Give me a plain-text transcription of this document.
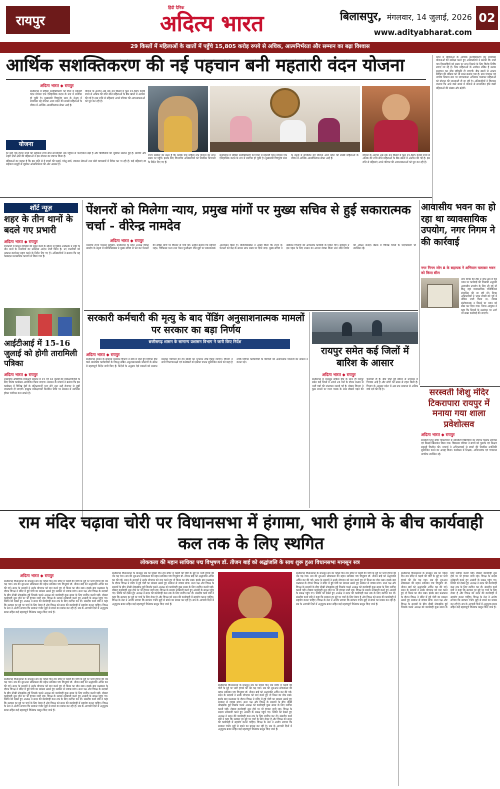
रायपुर
हिंदी दैनिक
अदित्य भारत	बिलासपुर, मंगलवार, 14 जुलाई, 2026
www.adityabharat.com
02
29 किस्तों में महिलाओं के खातों में पहुँचे 15,805 करोड़ रुपये से अधिक, आत्मनिर्भरता और सम्मान का बढ़ा विश्वास
आर्थिक सशक्तिकरण की नई पहचान बनी महतारी वंदन योजना
अदित्य भारत ◆ रायपुर

छत्तीसगढ़ में महिला सशक्तिकरण को दिशा में महतारी वंदन योजना एक ऐतिहासिक कदम के रूप में स्थापित हो चुकी है। मुख्यमंत्री विष्णुदेव साय के नेतृत्व में संचालित यह योजना आज प्रदेश की लाखों महिलाओं के जीवन में आर्थिक आत्मविश्वास लेकर आई है।

योजना के अंतर्गत अब तक 29 किस्तों में कुल 15,805 करोड़ रुपये से अधिक की राशि सीधे महिलाओं के बैंक खातों में अंतरित की गई है। इस राशि से महिलाएं अपने परिवार की आवश्यकताओं को पूरा कर रही हैं।

योजना

हर माह एक हजार रुपये की सहायता राशि सीधे लाभार्थियों तक पहुँचने से पारदर्शिता बढ़ी है और बिचौलियों की भूमिका समाप्त हुई है। ग्रामीण और शहरी दोनों क्षेत्रों की महिलाओं ने इस योजना का स्वागत किया है।

महिलाओं का कहना है कि इस राशि से वे बच्चों की पढ़ाई, घरेलू खर्च, स्वास्थ्य सेवाओं तथा छोटे व्यवसायों में निवेश कर पा रही हैं। कई महिलाएं स्व सहायता समूहों से जुड़कर आत्मनिर्भरता की ओर अग्रसर हैं।

राज्य सरकार का लक्ष्य है कि प्रत्येक पात्र महिला तक योजना का लाभ समय पर पहुँचे। इसके लिए विभागीय अधिकारियों को नियमित निगरानी के निर्देश दिए गए हैं।

छत्तीसगढ़ में महिला सशक्तिकरण को दिशा में महतारी वंदन योजना एक ऐतिहासिक कदम के रूप में स्थापित हो चुकी है। मुख्यमंत्री विष्णुदेव साय के नेतृत्व में संचालित यह योजना आज प्रदेश की लाखों महिलाओं के जीवन में आर्थिक आत्मविश्वास लेकर आई है।

योजना के अंतर्गत अब तक 29 किस्तों में कुल 15,805 करोड़ रुपये से अधिक की राशि सीधे महिलाओं के बैंक खातों में अंतरित की गई है। इस राशि से महिलाएं अपने परिवार की आवश्यकताओं को पूरा कर रही हैं।

प्रदेश में महिलाओं के आर्थिक सशक्तिकरण हेतु संचालित योजनाओं की समीक्षा करते हुए अधिकारियों ने बताया कि सभी पात्र हितग्राहियों को समय पर लाभ दिलाने के लिए विशेष शिविर लगाए जा रहे हैं। जिन महिलाओं के आवेदन लंबित हैं उनका सत्यापन कर शीघ्र स्वीकृति दी जाएगी। बैंक खातों से आधार लिंकिंग की प्रक्रिया को भी सरल बनाया गया है। ग्राम पंचायत एवं नगरीय निकाय स्तर पर जागरूकता अभियान चलाकर महिलाओं को योजना की जानकारी दी जा रही है। अधिकारियों ने विश्वास जताया कि आने वाले समय में योजना से लाभान्वित होने वाली महिलाओं की संख्या और बढ़ेगी।

शॉर्ट न्यूज़
शहर के तीन थानों के बदले गए प्रभारी
अदित्य भारत ◆ रायपुर
राजधानी में कानून व्यवस्था को सुदृढ़ करने के उद्देश्य से पुलिस अधीक्षक ने शहर के तीन थानों के प्रभारियों का तबादला आदेश जारी किया है। नए प्रभारियों को तत्काल कार्यभार ग्रहण करने के निर्देश दिए गए हैं। अधिकारियों ने बताया कि यह फेरबदल प्रशासनिक कारणों से किया गया है।
आईटीआई में 15-16 जुलाई को होगी तारामिली पत्रिका
अदित्य भारत ◆ रायपुर
शासकीय औद्योगिक प्रशिक्षण संस्थान में 15 एवं 16 जुलाई को प्रशिक्षणार्थियों के लिए विशेष कार्यक्रम आयोजित किया जाएगा। संस्थान के प्राचार्य ने बताया कि इस कार्यक्रम में विभिन्न ट्रेडों के प्रशिक्षणार्थी भाग लेंगे तथा उन्हें रोजगार से जुड़ी जानकारी दी जाएगी। इच्छुक प्रशिक्षणार्थी निर्धारित तिथि पर संस्थान में उपस्थित होकर पंजीयन करा सकते हैं।
पेंशनरों को मिलेगा न्याय, प्रमुख मांगों पर मुख्य सचिव से हुई सकारात्मक चर्चा - वीरेन्द्र नामदेव
अदित्य भारत ◆ रायपुर
भारतीय राज्य पेंशनर्स महासंघ, छत्तीसगढ़ के प्रदेश अध्यक्ष वीरेन्द्र नामदेव के नेतृत्व में प्रतिनिधिमंडल ने मुख्य सचिव से भेंट कर पेंशनरों की लंबित मांगों पर विस्तार से चर्चा की। उन्होंने बताया कि महंगाई राहत, चिकित्सा भत्ता तथा पेंशन पुनरीक्षण जैसे मुद्दों पर सकारात्मक आश्वासन मिला है। प्रतिनिधिमंडल ने आग्रह किया कि राज्य के पेंशनरों को केंद्र के समान लाभ समय पर दिया जाए। मुख्य सचिव ने संबंधित विभागों को आवश्यक कार्रवाई के निर्देश दिए। महासंघ ने इस पहल के लिए शासन का आभार व्यक्त किया तथा शीघ्र निर्णय की अपेक्षा जताई। बैठक में विभिन्न जिलों के पदाधिकारी भी उपस्थित रहे।
आवासीय भवन का हो रहा था व्यावसायिक उपयोग, नगर निगम ने की कार्रवाई
नगर निगम जोन 8 के सहायक ने अभियान चलाकर भवन को किया सील
नगर निगम की टीम ने जोन क्षेत्र में ऐसे भवन पर कार्रवाई की जिसकी अनुमति आवासीय उपयोग के लिए ली गई थी किंतु वहां व्यावसायिक गतिविधियां संचालित की जा रही थीं। निगम अधिकारियों ने भवन स्वामी को पूर्व में नोटिस जारी किया था, जवाब संतोषजनक न मिलने पर भवन को सील कर दिया गया। निगम आयुक्त ने कहा कि नियमों के उल्लंघन पर आगे भी सख्त कार्रवाई की जाएगी।
सरकारी कर्मचारी की मृत्यु के बाद पेंडिंग अनुसाशनात्मक मामलों पर सरकार का बड़ा निर्णय
छत्तीसगढ़ शासन के सामान्य प्रशासन विभाग ने जारी किए निर्देश
अदित्य भारत ◆ रायपुर
छत्तीसगढ़ शासन के सामान्य प्रशासन विभाग ने सेवा में रहते हुए दिवंगत होने वाले शासकीय कर्मचारियों के विरुद्ध लंबित अनुशासनात्मक प्रकरणों के संबंध में महत्वपूर्ण निर्देश जारी किए हैं। निर्देशों के अनुसार ऐसे मामलों को समाप्त मानकर परिजनों को देय स्वत्वों का भुगतान शीघ्र किया जाएगा। विभाग ने सभी विभागाध्यक्षों एवं कलेक्टरों को इसका पालन सुनिश्चित करने को कहा है ताकि दिवंगत कर्मचारियों के परिवारों को अनावश्यक परेशानी का सामना न करना पड़े।
रायपुर समेत कई जिलों में बारिश के आसार
अदित्य भारत ◆ रायपुर
छत्तीसगढ़ में मानसून सक्रिय होने के साथ ही रायपुर समेत कई जिलों में अगले 24 घंटों के दौरान मध्यम से भारी वर्षा की संभावना जताई गई है। मौसम विभाग ने कुछ स्थानों पर गरज चमक के साथ बौछारें पड़ने की चेतावनी दी है। बीते दिनों हुई बारिश से तापमान में गिरावट आई है और लोगों को उमस से राहत मिली है। विभाग के अनुसार प्रदेश में अब तक सामान्य से अधिक वर्षा दर्ज की गई है।
राम मंदिर चढ़ावा चोरी पर विधानसभा में हंगामा, भारी हंगामे के बीच कार्यवाही कल तक के लिए स्थगित
लोककला की महान साधिका पद्म विभूषण डॉ. तीजन बाई को श्रद्धांजलि के साथ शुरू हुआ विधानसभा मानसून सत्र
अदित्य भारत ◆ रायपुर
छत्तीसगढ़ विधानसभा के मानसून सत्र का पहला दिन राम मंदिर में चढ़ावे की चोरी के मुद्दे पर भारी हंगामे की भेंट चढ़ गया। सत्र की शुरुआत लोककला की महान साधिका पद्म विभूषण डॉ. तीजन बाई को श्रद्धांजलि अर्पित कर की गई। सदन के सदस्यों ने उनके योगदान को याद करते हुए दो मिनट का मौन रखा। इसके बाद प्रश्नकाल के दौरान विपक्ष ने मंदिर में हुई चोरी का मामला उठाते हुए सरकार से जवाब मांगा। सत्ता पक्ष और विपक्ष के सदस्यों के बीच तीखी नोकझोंक हुई जिसके चलते अध्यक्ष को कार्यवाही कुछ समय के लिए स्थगित करनी पड़ी। दोबारा कार्यवाही शुरू होने पर भी हंगामा जारी रहा। विपक्ष के सदस्य नारेबाजी करते हुए आसंदी के समक्ष पहुंच गए। स्थिति को देखते हुए अध्यक्ष ने सदन की कार्यवाही कल तक के लिए स्थगित कर दी। संसदीय कार्य मंत्री ने कहा कि सरकार हर मुद्दे पर चर्चा के लिए तैयार है और विपक्ष को सदन की कार्यवाही में सहयोग करना चाहिए। विपक्ष के नेता ने आरोप लगाया कि सरकार गंभीर मुद्दों से बचने का प्रयास कर रही है। सत्र के आगामी दिनों में अनुपूरक बजट सहित कई महत्वपूर्ण विधेयक प्रस्तुत किए जाने हैं।
छत्तीसगढ़ विधानसभा के मानसून सत्र का पहला दिन राम मंदिर में चढ़ावे की चोरी के मुद्दे पर भारी हंगामे की भेंट चढ़ गया। सत्र की शुरुआत लोककला की महान साधिका पद्म विभूषण डॉ. तीजन बाई को श्रद्धांजलि अर्पित कर की गई। सदन के सदस्यों ने उनके योगदान को याद करते हुए दो मिनट का मौन रखा। इसके बाद प्रश्नकाल के दौरान विपक्ष ने मंदिर में हुई चोरी का मामला उठाते हुए सरकार से जवाब मांगा। सत्ता पक्ष और विपक्ष के सदस्यों के बीच तीखी नोकझोंक हुई जिसके चलते अध्यक्ष को कार्यवाही कुछ समय के लिए स्थगित करनी पड़ी। दोबारा कार्यवाही शुरू होने पर भी हंगामा जारी रहा। विपक्ष के सदस्य नारेबाजी करते हुए आसंदी के समक्ष पहुंच गए। स्थिति को देखते हुए अध्यक्ष ने सदन की कार्यवाही कल तक के लिए स्थगित कर दी। संसदीय कार्य मंत्री ने कहा कि सरकार हर मुद्दे पर चर्चा के लिए तैयार है और विपक्ष को सदन की कार्यवाही में सहयोग करना चाहिए। विपक्ष के नेता ने आरोप लगाया कि सरकार गंभीर मुद्दों से बचने का प्रयास कर रही है। सत्र के आगामी दिनों में अनुपूरक बजट सहित कई महत्वपूर्ण विधेयक प्रस्तुत किए जाने हैं।
छत्तीसगढ़ विधानसभा के मानसून सत्र का पहला दिन राम मंदिर में चढ़ावे की चोरी के मुद्दे पर भारी हंगामे की भेंट चढ़ गया। सत्र की शुरुआत लोककला की महान साधिका पद्म विभूषण डॉ. तीजन बाई को श्रद्धांजलि अर्पित कर की गई। सदन के सदस्यों ने उनके योगदान को याद करते हुए दो मिनट का मौन रखा। इसके बाद प्रश्नकाल के दौरान विपक्ष ने मंदिर में हुई चोरी का मामला उठाते हुए सरकार से जवाब मांगा। सत्ता पक्ष और विपक्ष के सदस्यों के बीच तीखी नोकझोंक हुई जिसके चलते अध्यक्ष को कार्यवाही कुछ समय के लिए स्थगित करनी पड़ी। दोबारा कार्यवाही शुरू होने पर भी हंगामा जारी रहा। विपक्ष के सदस्य नारेबाजी करते हुए आसंदी के समक्ष पहुंच गए। स्थिति को देखते हुए अध्यक्ष ने सदन की कार्यवाही कल तक के लिए स्थगित कर दी। संसदीय कार्य मंत्री ने कहा कि सरकार हर मुद्दे पर चर्चा के लिए तैयार है और विपक्ष को सदन की कार्यवाही में सहयोग करना चाहिए। विपक्ष के नेता ने आरोप लगाया कि सरकार गंभीर मुद्दों से बचने का प्रयास कर रही है। सत्र के आगामी दिनों में अनुपूरक बजट सहित कई महत्वपूर्ण विधेयक प्रस्तुत किए जाने हैं।
छत्तीसगढ़ विधानसभा के मानसून सत्र का पहला दिन राम मंदिर में चढ़ावे की चोरी के मुद्दे पर भारी हंगामे की भेंट चढ़ गया। सत्र की शुरुआत लोककला की महान साधिका पद्म विभूषण डॉ. तीजन बाई को श्रद्धांजलि अर्पित कर की गई। सदन के सदस्यों ने उनके योगदान को याद करते हुए दो मिनट का मौन रखा। इसके बाद प्रश्नकाल के दौरान विपक्ष ने मंदिर में हुई चोरी का मामला उठाते हुए सरकार से जवाब मांगा। सत्ता पक्ष और विपक्ष के सदस्यों के बीच तीखी नोकझोंक हुई जिसके चलते अध्यक्ष को कार्यवाही कुछ समय के लिए स्थगित करनी पड़ी। दोबारा कार्यवाही शुरू होने पर भी हंगामा जारी रहा। विपक्ष के सदस्य नारेबाजी करते हुए आसंदी के समक्ष पहुंच गए। स्थिति को देखते हुए अध्यक्ष ने सदन की कार्यवाही कल तक के लिए स्थगित कर दी। संसदीय कार्य मंत्री ने कहा कि सरकार हर मुद्दे पर चर्चा के लिए तैयार है और विपक्ष को सदन की कार्यवाही में सहयोग करना चाहिए। विपक्ष के नेता ने आरोप लगाया कि सरकार गंभीर मुद्दों से बचने का प्रयास कर रही है। सत्र के आगामी दिनों में अनुपूरक बजट सहित कई महत्वपूर्ण विधेयक प्रस्तुत किए जाने हैं।
छत्तीसगढ़ विधानसभा के मानसून सत्र का पहला दिन राम मंदिर में चढ़ावे की चोरी के मुद्दे पर भारी हंगामे की भेंट चढ़ गया। सत्र की शुरुआत लोककला की महान साधिका पद्म विभूषण डॉ. तीजन बाई को श्रद्धांजलि अर्पित कर की गई। सदन के सदस्यों ने उनके योगदान को याद करते हुए दो मिनट का मौन रखा। इसके बाद प्रश्नकाल के दौरान विपक्ष ने मंदिर में हुई चोरी का मामला उठाते हुए सरकार से जवाब मांगा। सत्ता पक्ष और विपक्ष के सदस्यों के बीच तीखी नोकझोंक हुई जिसके चलते अध्यक्ष को कार्यवाही कुछ समय के लिए स्थगित करनी पड़ी। दोबारा कार्यवाही शुरू होने पर भी हंगामा जारी रहा। विपक्ष के सदस्य नारेबाजी करते हुए आसंदी के समक्ष पहुंच गए। स्थिति को देखते हुए अध्यक्ष ने सदन की कार्यवाही कल तक के लिए स्थगित कर दी। संसदीय कार्य मंत्री ने कहा कि सरकार हर मुद्दे पर चर्चा के लिए तैयार है और विपक्ष को सदन की कार्यवाही में सहयोग करना चाहिए। विपक्ष के नेता ने आरोप लगाया कि सरकार गंभीर मुद्दों से बचने का प्रयास कर रही है। सत्र के आगामी दिनों में अनुपूरक बजट सहित कई महत्वपूर्ण विधेयक प्रस्तुत किए जाने हैं।
छत्तीसगढ़ विधानसभा के मानसून सत्र का पहला दिन राम मंदिर में चढ़ावे की चोरी के मुद्दे पर भारी हंगामे की भेंट चढ़ गया। सत्र की शुरुआत लोककला की महान साधिका पद्म विभूषण डॉ. तीजन बाई को श्रद्धांजलि अर्पित कर की गई। सदन के सदस्यों ने उनके योगदान को याद करते हुए दो मिनट का मौन रखा। इसके बाद प्रश्नकाल के दौरान विपक्ष ने मंदिर में हुई चोरी का मामला उठाते हुए सरकार से जवाब मांगा। सत्ता पक्ष और विपक्ष के सदस्यों के बीच तीखी नोकझोंक हुई जिसके चलते अध्यक्ष को कार्यवाही कुछ समय के लिए स्थगित करनी पड़ी। दोबारा कार्यवाही शुरू होने पर भी हंगामा जारी रहा। विपक्ष के सदस्य नारेबाजी करते हुए आसंदी के समक्ष पहुंच गए। स्थिति को देखते हुए अध्यक्ष ने सदन की कार्यवाही कल तक के लिए स्थगित कर दी। संसदीय कार्य मंत्री ने कहा कि सरकार हर मुद्दे पर चर्चा के लिए तैयार है और विपक्ष को सदन की कार्यवाही में सहयोग करना चाहिए। विपक्ष के नेता ने आरोप लगाया कि सरकार गंभीर मुद्दों से बचने का प्रयास कर रही है। सत्र के आगामी दिनों में अनुपूरक बजट सहित कई महत्वपूर्ण विधेयक प्रस्तुत किए जाने हैं।
सरस्वती शिशु मंदिर टिकरापारा रायपुर में मनाया गया शाला प्रवेशोत्सव
अदित्य भारत ◆ रायपुर
सरस्वती शिशु मंदिर टिकरापारा में नवप्रवेशी विद्यार्थियों का स्वागत तिलक लगाकर एवं मिठाई खिलाकर किया गया। विद्यालय परिवार ने बच्चों को पुस्तकें एवं शिक्षण सामग्री वितरित की। प्राचार्य ने अभिभावकों से बच्चों की नियमित उपस्थिति सुनिश्चित करने का आग्रह किया। कार्यक्रम में शिक्षक, अभिभावक एवं गणमान्य नागरिक उपस्थित रहे।
